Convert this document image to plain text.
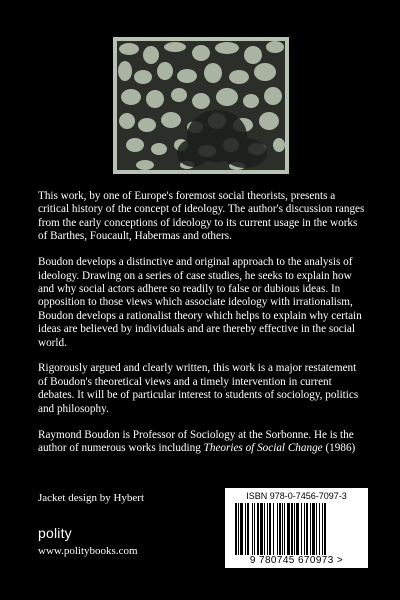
This work, by one of Europe's foremost social theorists, presents a critical history of the concept of ideology. The author's discussion ranges from the early conceptions of ideology to its current usage in the works of Barthes, Foucault, Habermas and others.

Boudon develops a distinctive and original approach to the analysis of ideology. Drawing on a series of case studies, he seeks to explain how and why social actors adhere so readily to false or dubious ideas. In opposition to those views which associate ideology with irrationalism, Boudon develops a rationalist theory which helps to explain why certain ideas are believed by individuals and are thereby effective in the social world.

Rigorously argued and clearly written, this work is a major restatement of Boudon's theoretical views and a timely intervention in current debates. It will be of particular interest to students of sociology, politics and philosophy.

Raymond Boudon is Professor of Sociology at the Sorbonne. He is the author of numerous works including Theories of Social Change (1986)

Jacket design by Hybert
polity
www.politybooks.com
ISBN 978-0-7456-7097-3
9 780745 670973 >
